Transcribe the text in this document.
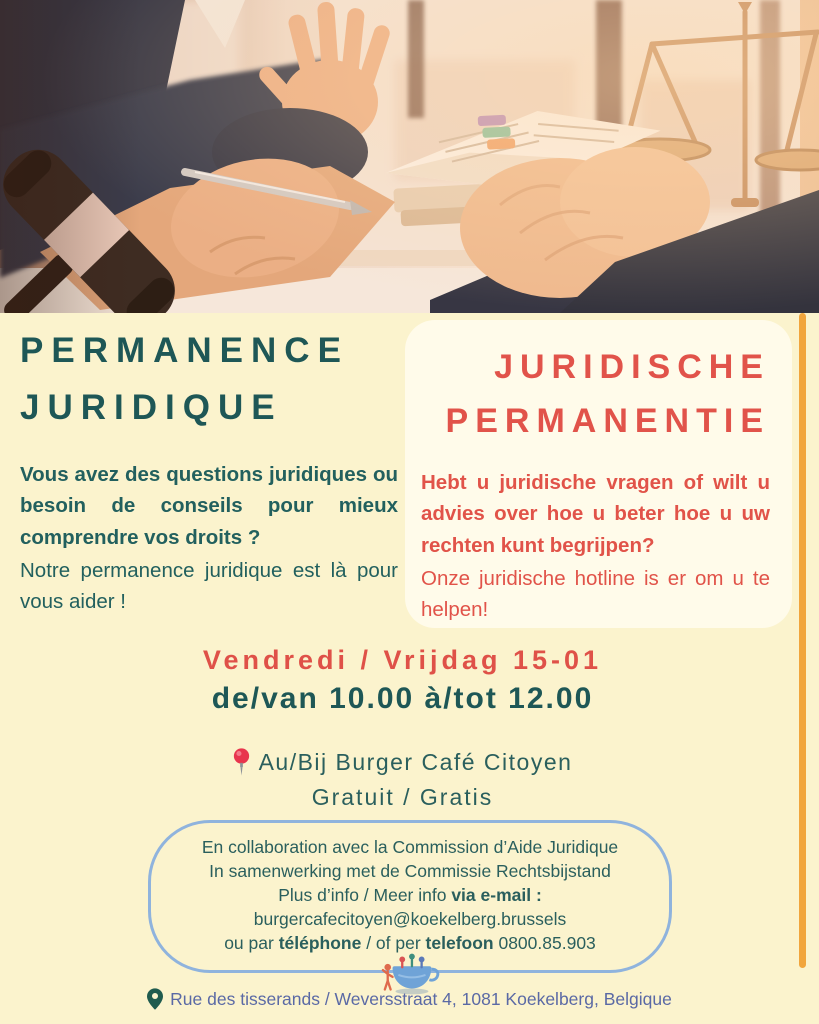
PERMANENCE
JURIDIQUE

Vous avez des questions juridiques ou besoin de conseils pour mieux comprendre vos droits ?

Notre permanence juridique est là pour vous aider !

JURIDISCHE
PERMANENTIE

Hebt u juridische vragen of wilt u advies over hoe u beter hoe u uw rechten kunt begrijpen?

Onze juridische hotline is er om u te helpen!

Vendredi / Vrijdag 15-01
de/van 10.00 à/tot 12.00
Au/Bij Burger Café Citoyen
Gratuit / Gratis
En collaboration avec la Commission d’Aide Juridique
In samenwerking met de Commissie Rechtsbijstand
Plus d’info / Meer info via e-mail :
burgercafecitoyen@koekelberg.brussels
ou par téléphone / of per telefoon 0800.85.903
Rue des tisserands / Weversstraat 4, 1081 Koekelberg, Belgique
